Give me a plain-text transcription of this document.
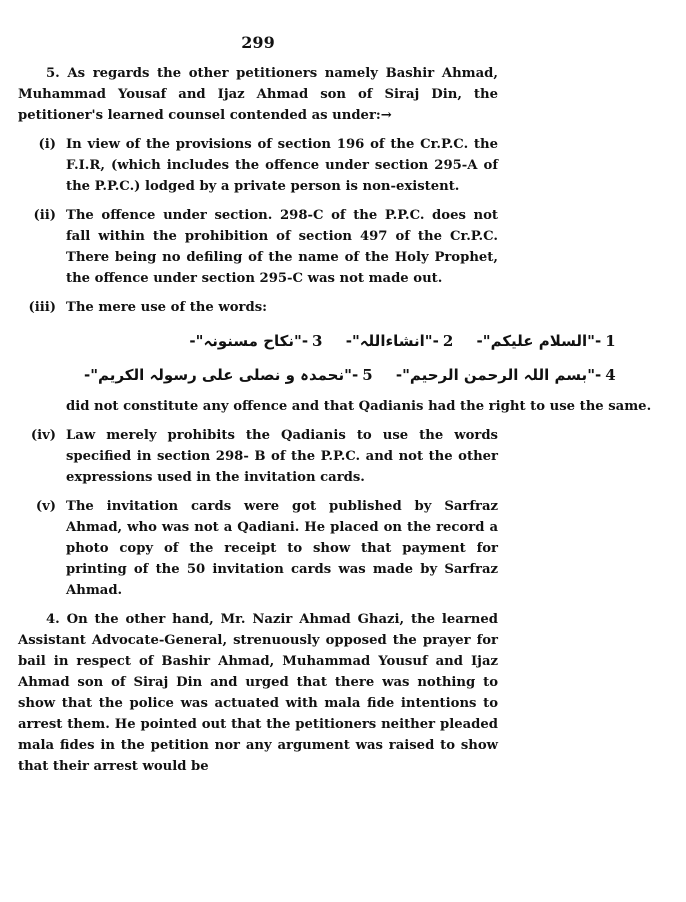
299

5. As regards the other petitioners namely Bashir Ahmad, Muhammad Yousaf and Ijaz Ahmad son of Siraj Din, the petitioner's learned counsel contended as under:→

(i) In view of the provisions of section 196 of the Cr.P.C. the F.I.R, (which includes the offence under section 295-A of the P.P.C.) lodged by a private person is non-existent.
(ii) The offence under section. 298-C of the P.P.C. does not fall within the prohibition of section 497 of the Cr.P.C. There being no defiling of the name of the Holy Prophet, the offence under section 295-C was not made out.
(iii) The mere use of the words:
1-"السلام علیکم"- 2-"انشاءاللہ"- 3-"نکاح مسنونہ"-
4-"بسم اللہ الرحمن الرحیم"- 5-"نحمدہ و نصلی علی رسولہ الکریم"-
did not constitute any offence and that Qadianis had the right to use the same.
(iv) Law merely prohibits the Qadianis to use the words specified in section 298- B of the P.P.C. and not the other expressions used in the invitation cards.
(v) The invitation cards were got published by Sarfraz Ahmad, who was not a Qadiani. He placed on the record a photo copy of the receipt to show that payment for printing of the 50 invitation cards was made by Sarfraz Ahmad.

4. On the other hand, Mr. Nazir Ahmad Ghazi, the learned Assistant Advocate-General, strenuously opposed the prayer for bail in respect of Bashir Ahmad, Muhammad Yousuf and Ijaz Ahmad son of Siraj Din and urged that there was nothing to show that the police was actuated with mala fide intentions to arrest them. He pointed out that the petitioners neither pleaded mala fides in the petition nor any argument was raised to show that their arrest would be
